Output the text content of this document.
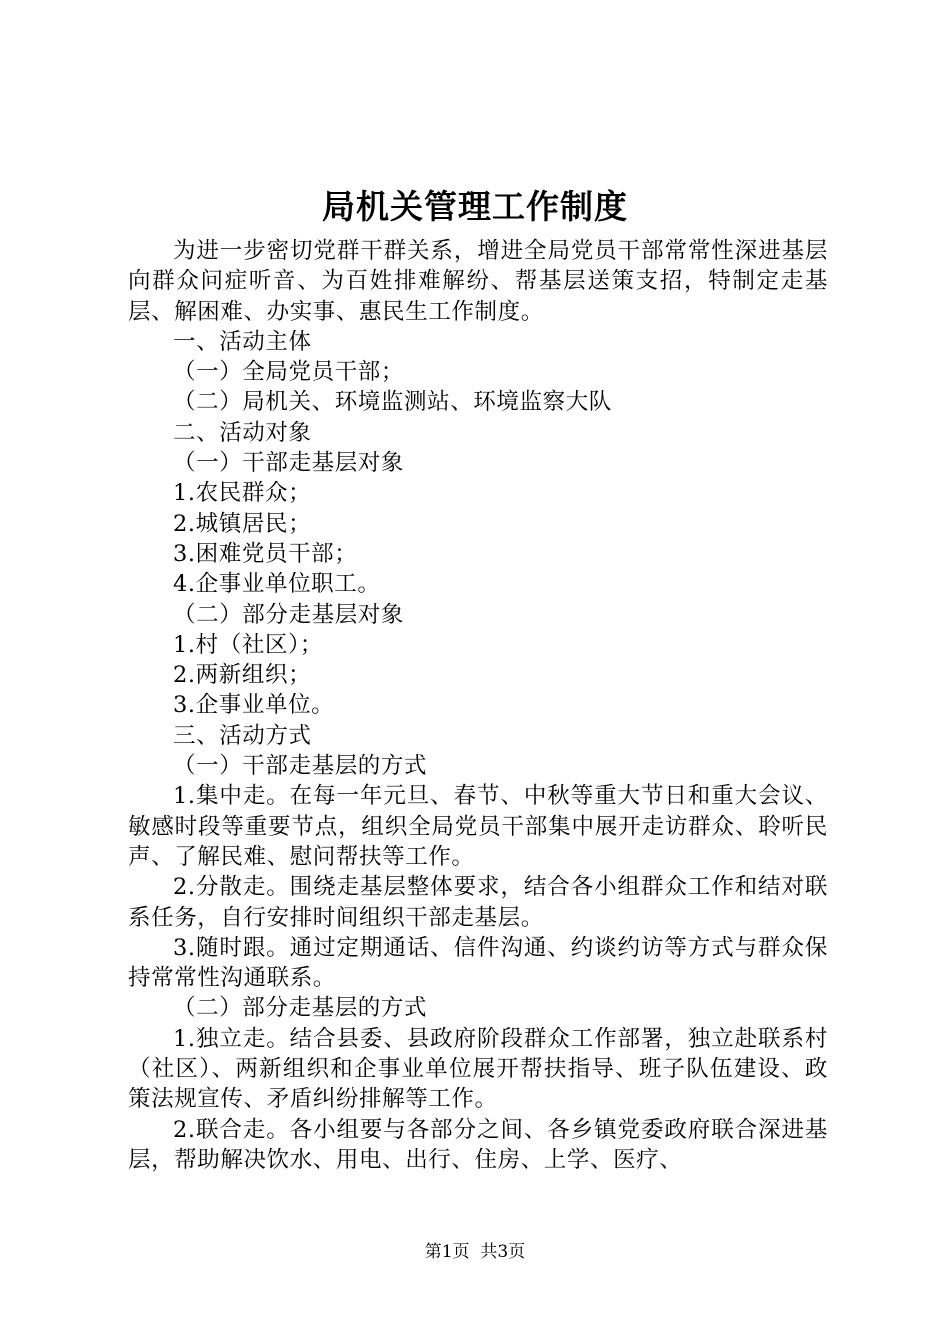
局机关管理工作制度

为进一步密切党群干群关系，增进全局党员干部常常性深进基层向群众问症听音、为百姓排难解纷、帮基层送策支招，特制定走基层、解困难、办实事、惠民生工作制度。

一、活动主体

（一）全局党员干部；

（二）局机关、环境监测站、环境监察大队

二、活动对象

（一）干部走基层对象

1.农民群众；

2.城镇居民；

3.困难党员干部；

4.企事业单位职工。

（二）部分走基层对象

1.村（社区）；

2.两新组织；

3.企事业单位。

三、活动方式

（一）干部走基层的方式

1.集中走。在每一年元旦、春节、中秋等重大节日和重大会议、敏感时段等重要节点，组织全局党员干部集中展开走访群众、聆听民声、了解民难、慰问帮扶等工作。

2.分散走。围绕走基层整体要求，结合各小组群众工作和结对联系任务，自行安排时间组织干部走基层。

3.随时跟。通过定期通话、信件沟通、约谈约访等方式与群众保持常常性沟通联系。

（二）部分走基层的方式

1.独立走。结合县委、县政府阶段群众工作部署，独立赴联系村（社区）、两新组织和企事业单位展开帮扶指导、班子队伍建设、政策法规宣传、矛盾纠纷排解等工作。

2.联合走。各小组要与各部分之间、各乡镇党委政府联合深进基层，帮助解决饮水、用电、出行、住房、上学、医疗、

第1页  共3页
